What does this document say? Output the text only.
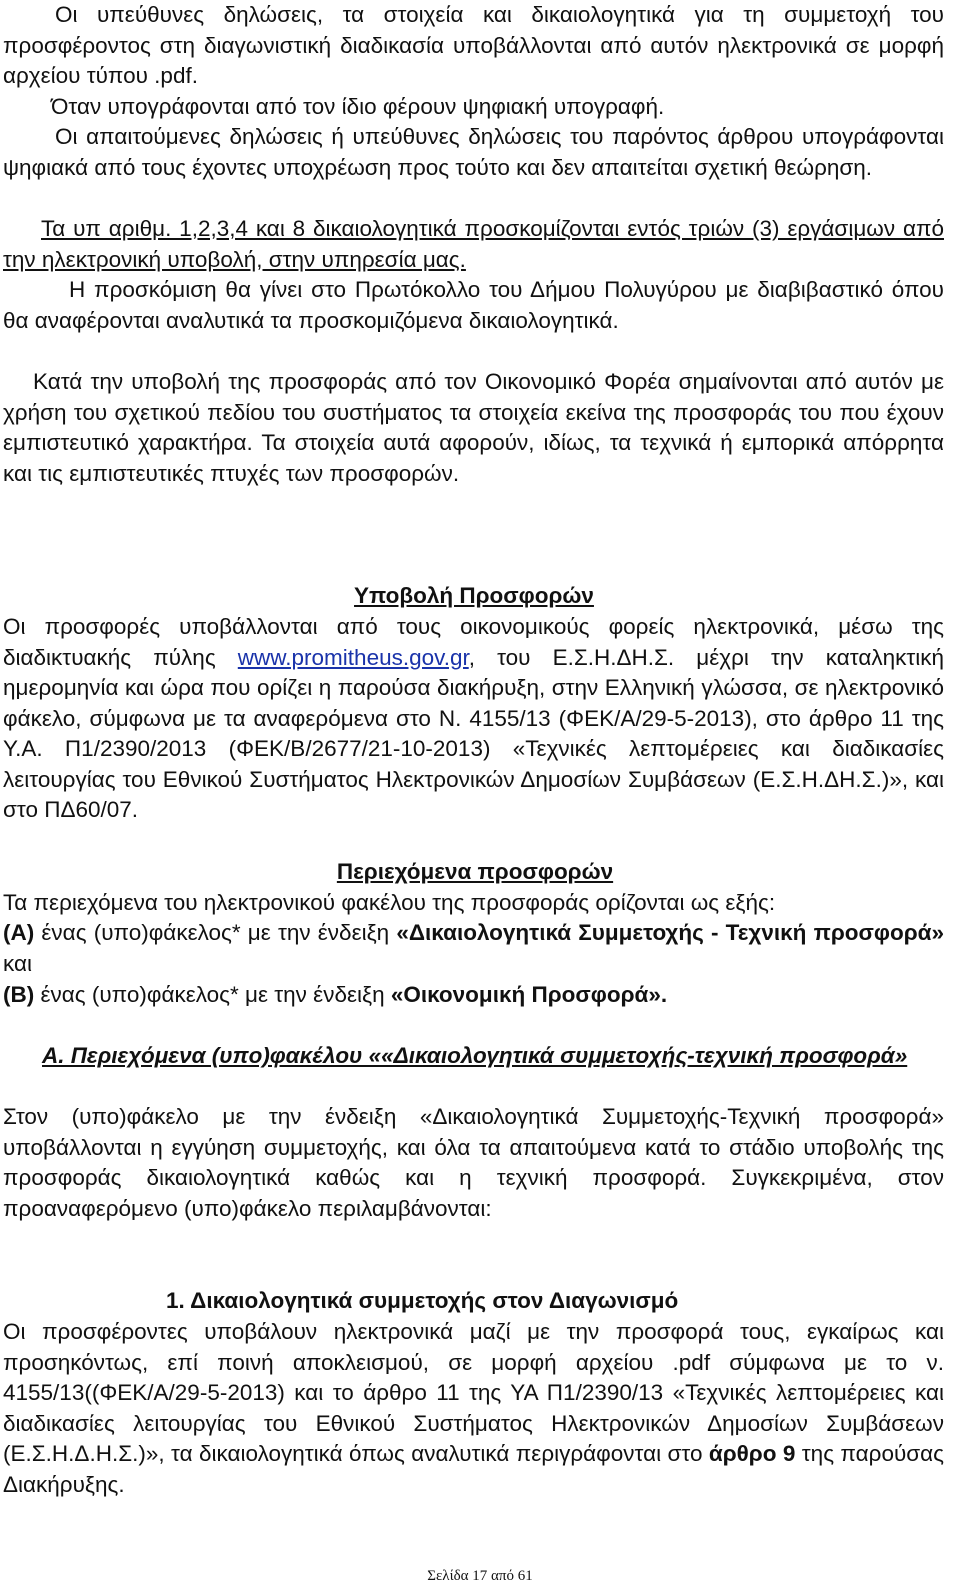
Οι υπεύθυνες δηλώσεις, τα στοιχεία και δικαιολογητικά για τη συμμετοχή του προσφέροντος στη διαγωνιστική διαδικασία υποβάλλονται από αυτόν ηλεκτρονικά σε μορφή αρχείου τύπου .pdf.
Όταν υπογράφονται από τον ίδιο φέρουν ψηφιακή υπογραφή.
Οι απαιτούμενες δηλώσεις ή υπεύθυνες δηλώσεις του παρόντος άρθρου υπογράφονται ψηφιακά από τους έχοντες υποχρέωση προς τούτο και δεν απαιτείται σχετική θεώρηση.
Τα υπ αριθμ. 1,2,3,4 και 8 δικαιολογητικά προσκομίζονται εντός τριών (3) εργάσιμων από την ηλεκτρονική υποβολή, στην υπηρεσία μας.
Η προσκόμιση θα γίνει στο Πρωτόκολλο του Δήμου Πολυγύρου με διαβιβαστικό όπου θα αναφέρονται αναλυτικά τα προσκομιζόμενα δικαιολογητικά.
Κατά την υποβολή της προσφοράς από τον Οικονομικό Φορέα σημαίνονται από αυτόν με χρήση του σχετικού πεδίου του συστήματος τα στοιχεία εκείνα της προσφοράς του που έχουν εμπιστευτικό χαρακτήρα. Τα στοιχεία αυτά αφορούν, ιδίως, τα τεχνικά ή εμπορικά απόρρητα και τις εμπιστευτικές πτυχές των προσφορών.
Υποβολή Προσφορών
Οι προσφορές υποβάλλονται από τους οικονομικούς φορείς ηλεκτρονικά, μέσω της διαδικτυακής πύλης www.promitheus.gov.gr, του Ε.Σ.Η.ΔΗ.Σ. μέχρι την καταληκτική ημερομηνία και ώρα που ορίζει η παρούσα διακήρυξη, στην Ελληνική γλώσσα, σε ηλεκτρονικό φάκελο, σύμφωνα με τα αναφερόμενα στο Ν. 4155/13 (ΦΕΚ/Α/29-5-2013), στο άρθρο 11 της Υ.Α. Π1/2390/2013 (ΦΕΚ/Β/2677/21-10-2013) «Τεχνικές λεπτομέρειες και διαδικασίες λειτουργίας του Εθνικού Συστήματος Ηλεκτρονικών Δημοσίων Συμβάσεων (Ε.Σ.Η.ΔΗ.Σ.)», και στο ΠΔ60/07.
Περιεχόμενα προσφορών
Τα περιεχόμενα του ηλεκτρονικού φακέλου της προσφοράς ορίζονται ως εξής:
(Α) ένας (υπο)φάκελος* με την ένδειξη «Δικαιολογητικά Συμμετοχής - Τεχνική προσφορά» και
(Β) ένας (υπο)φάκελος* με την ένδειξη «Οικονομική Προσφορά».
Α. Περιεχόμενα (υπο)φακέλου ««Δικαιολογητικά συμμετοχής-τεχνική προσφορά»
Στον (υπο)φάκελο με την ένδειξη «Δικαιολογητικά Συμμετοχής-Τεχνική προσφορά» υποβάλλονται η εγγύηση συμμετοχής, και όλα τα απαιτούμενα κατά το στάδιο υποβολής της προσφοράς δικαιολογητικά καθώς και η τεχνική προσφορά. Συγκεκριμένα, στον προαναφερόμενο (υπο)φάκελο περιλαμβάνονται:
1. Δικαιολογητικά συμμετοχής στον Διαγωνισμό
Οι προσφέροντες υποβάλουν ηλεκτρονικά μαζί με την προσφορά τους, εγκαίρως και προσηκόντως, επί ποινή αποκλεισμού, σε μορφή αρχείου .pdf σύμφωνα με το ν. 4155/13((ΦΕΚ/Α/29-5-2013) και το άρθρο 11 της ΥΑ Π1/2390/13 «Τεχνικές λεπτομέρειες και διαδικασίες λειτουργίας του Εθνικού Συστήματος Ηλεκτρονικών Δημοσίων Συμβάσεων (Ε.Σ.Η.Δ.Η.Σ.)», τα δικαιολογητικά όπως αναλυτικά περιγράφονται στο άρθρο 9 της παρούσας Διακήρυξης.
Σελίδα 17 από 61
